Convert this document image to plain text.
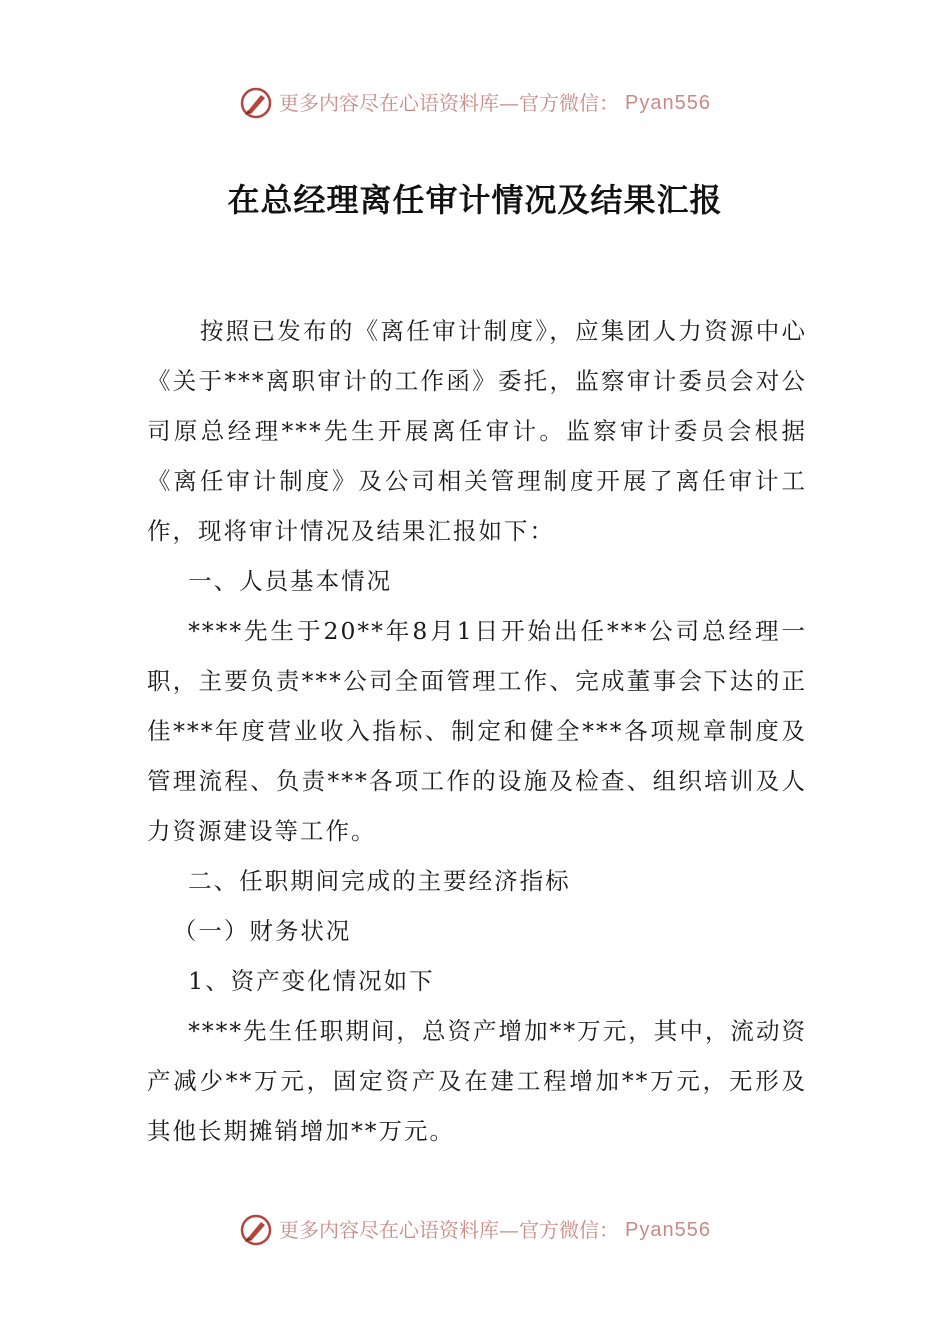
更多内容尽在心语资料库—官方微信： Pyan556
在总经理离任审计情况及结果汇报

按照已发布的《离任审计制度》，应集团人力资源中心《关于***离职审计的工作函》委托，监察审计委员会对公司原总经理***先生开展离任审计。监察审计委员会根据《离任审计制度》及公司相关管理制度开展了离任审计工作，现将审计情况及结果汇报如下：

一、人员基本情况

****先生于20**年8月1日开始出任***公司总经理一职，主要负责***公司全面管理工作、完成董事会下达的正佳***年度营业收入指标、制定和健全***各项规章制度及管理流程、负责***各项工作的设施及检查、组织培训及人力资源建设等工作。

二、任职期间完成的主要经济指标

（一）财务状况

1、资产变化情况如下

****先生任职期间，总资产增加**万元，其中，流动资产减少**万元，固定资产及在建工程增加**万元，无形及其他长期摊销增加**万元。

更多内容尽在心语资料库—官方微信： Pyan556
